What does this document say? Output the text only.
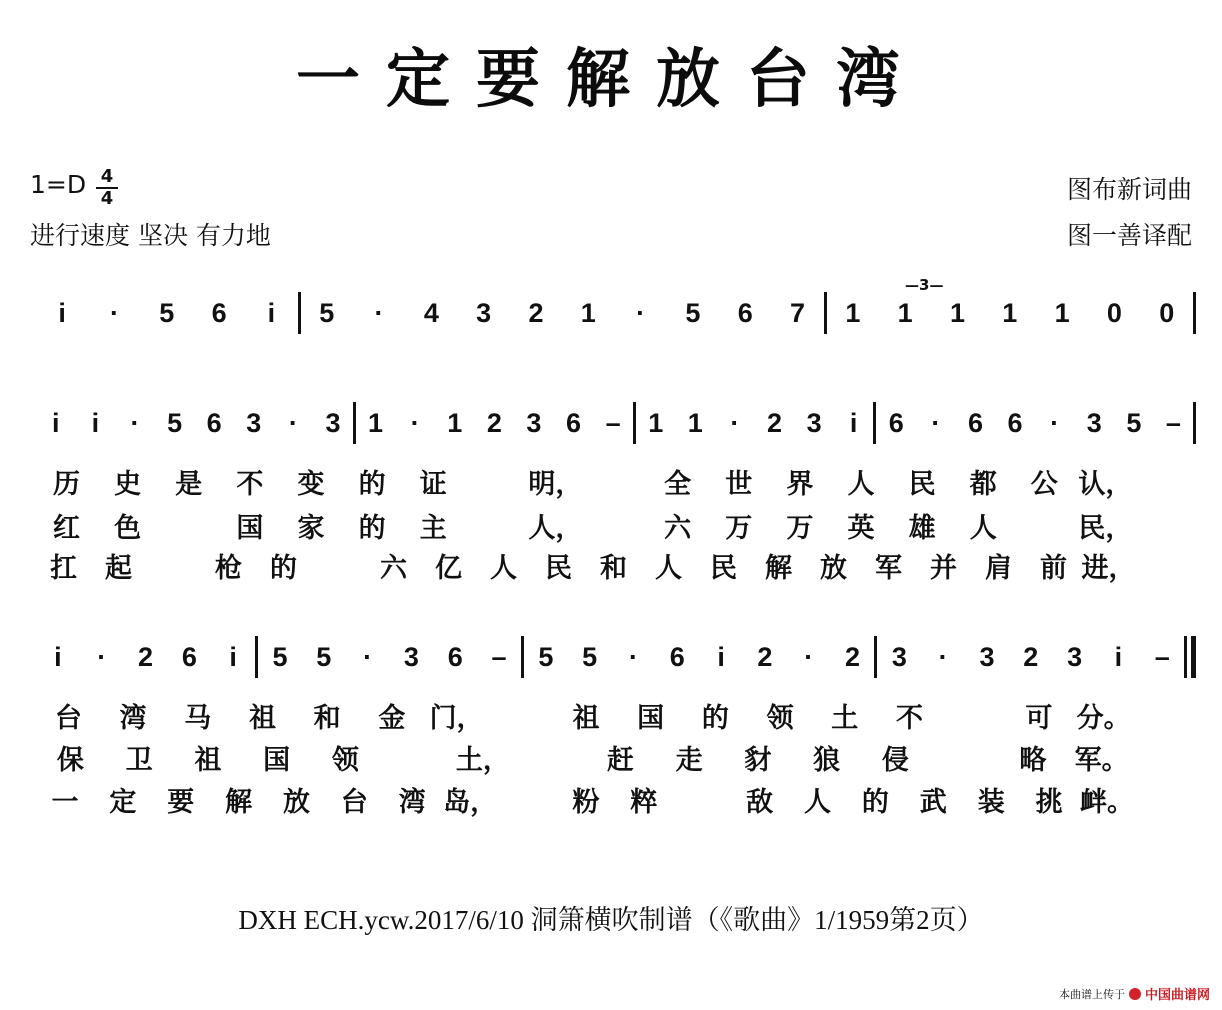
一定要解放台湾
1=D 4
4
进行速度 坚决 有力地
图布新词曲
图一善译配
i	·	5	6	i	5	·	4	3	2	1	·	5	6	7	1	1	1	1	1	0	0
—3—
i	i	·	5 6 3	·	3	1	·	1 2 3 6 –	1 1	·	2 3	i	6	·	6 6	·	3 5 –
历	史	是	不	变	的	证	明，	全	世	界	人	民	都	公 认，
红	色	国	家	的	主	人，	六	万	万	英	雄	人	民，
扛	起	枪	的	六	亿	人	民	和	人	民	解	放	军	并	肩	前 进，
i	·	2	6	i	5	5	·	3	6	–	5	5	·	6	i	2	·	2	3	·	3	2	3	i	–
台	湾	马	祖	和	金 门，	祖	国	的	领	土	不	可 分。
保	卫	祖	国	领	土，	赶	走	豺	狼	侵	略	军。
一	定	要	解	放	台	湾 岛，	粉	粹	敌	人	的	武	装	挑 衅。
DXH ECH.ycw.2017/6/10 洞箫横吹制谱（《歌曲》1/1959第2页）
本曲谱上传于 中国曲谱网
